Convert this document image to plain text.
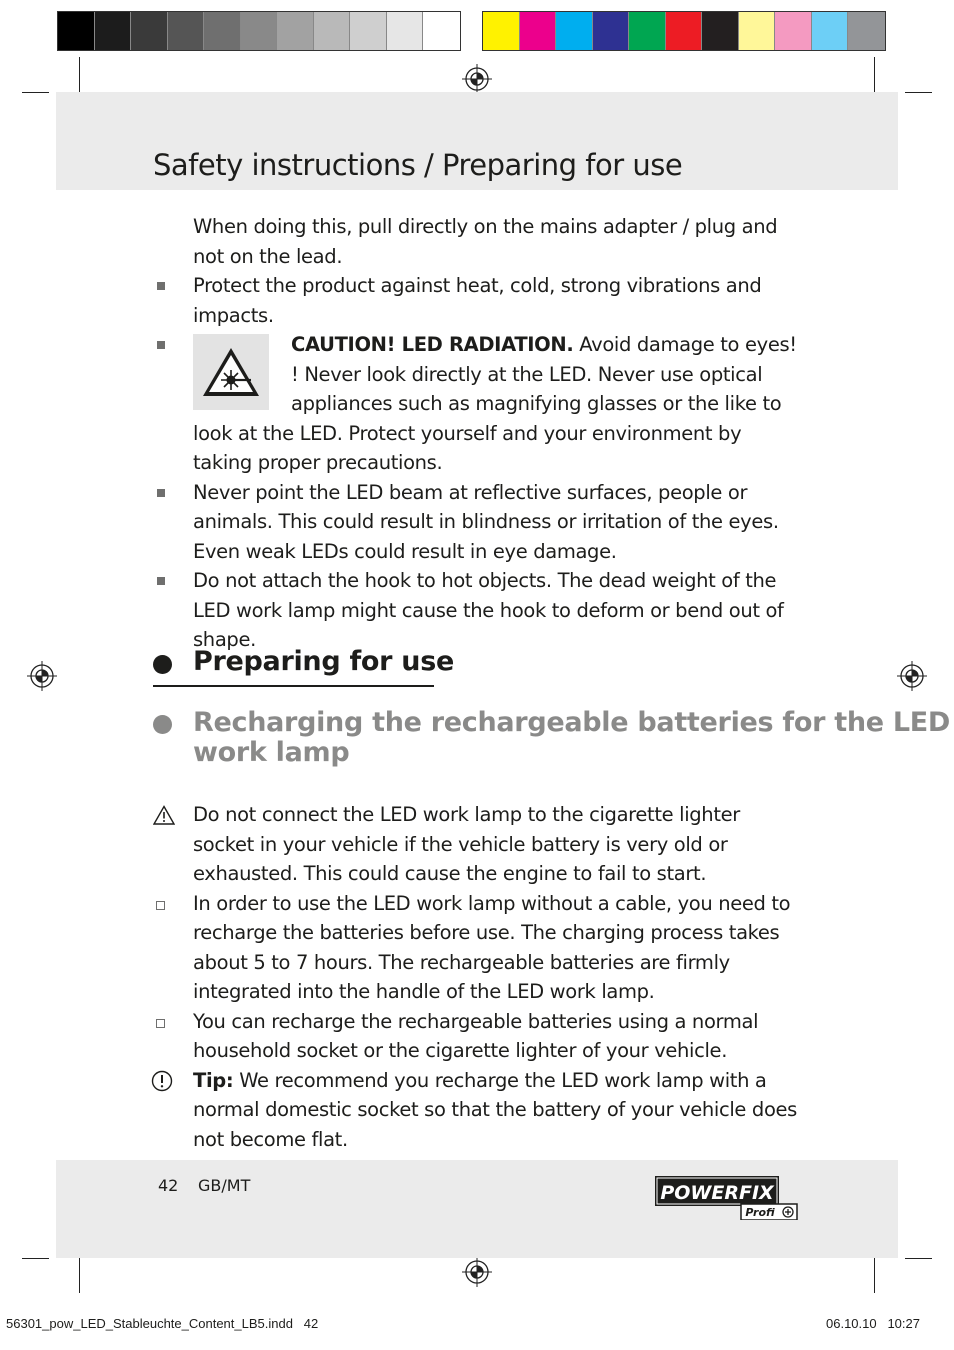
Safety instructions / Preparing for use

When doing this, pull directly on the mains adapter / plug and not on the lead.

Protect the product against heat, cold, strong vibrations and impacts.

CAUTION! LED RADIATION. Avoid damage to eyes! ! Never look directly at the LED. Never use optical appliances such as magnifying glasses or the like to look at the LED. Protect yourself and your environment by taking proper precautions.

Never point the LED beam at reflective surfaces, people or animals. This could result in blindness or irritation of the eyes. Even weak LEDs could result in eye damage.

Do not attach the hook to hot objects. The dead weight of the LED work lamp might cause the hook to deform or bend out of shape.

Preparing for use
Recharging the rechargeable batteries for the LED work lamp
Do not connect the LED work lamp to the cigarette lighter socket in your vehicle if the vehicle battery is very old or exhausted. This could cause the engine to fail to start.

In order to use the LED work lamp without a cable, you need to recharge the batteries before use. The charging process takes about 5 to 7 hours. The rechargeable batteries are firmly integrated into the handle of the LED work lamp.

You can recharge the rechargeable batteries using a normal household socket or the cigarette lighter of your vehicle.

Tip: We recommend you recharge the LED work lamp with a normal domestic socket so that the battery of your vehicle does not become flat.
42 GB/MT	POWERFIX
Profi
56301_pow_LED_Stableuchte_Content_LB5.indd   42	06.10.10   10:27
